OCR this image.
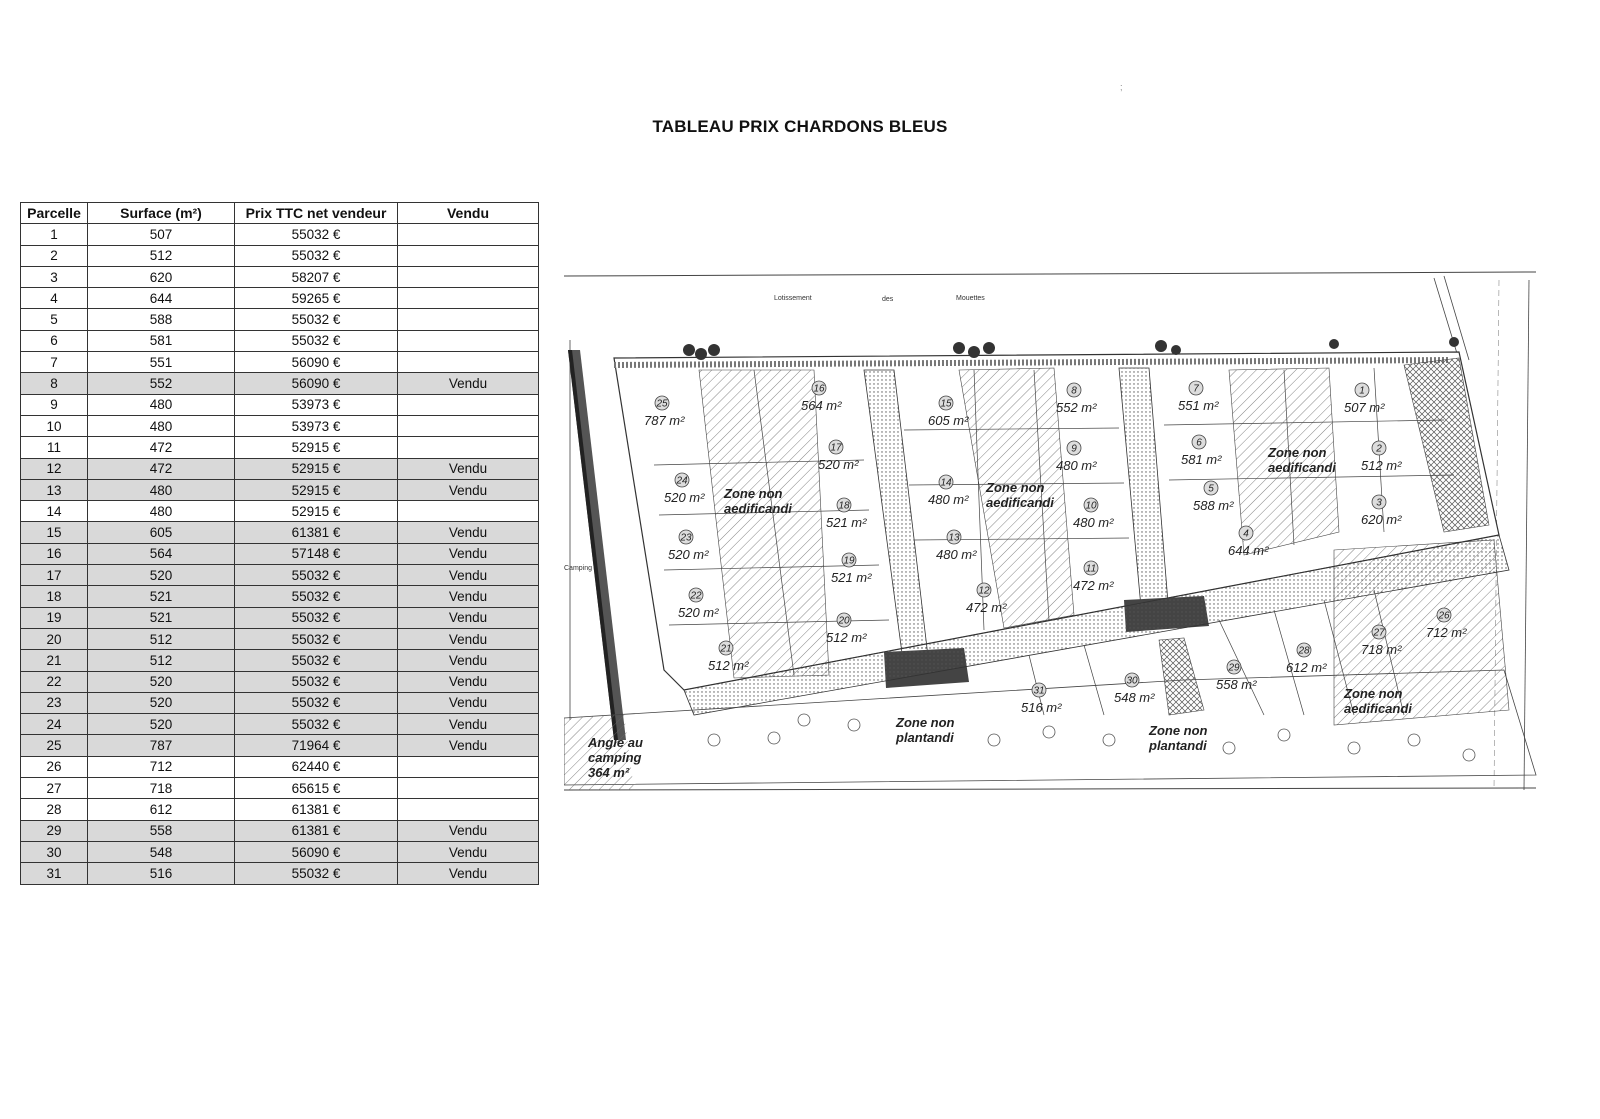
TABLEAU PRIX CHARDONS BLEUS
;
Parcelle	Surface (m²)	Prix TTC net vendeur	Vendu
1	507	55032 €	
2	512	55032 €	
3	620	58207 €	
4	644	59265 €	
5	588	55032 €	
6	581	55032 €	
7	551	56090 €	
8	552	56090 €	Vendu
9	480	53973 €	
10	480	53973 €	
11	472	52915 €	
12	472	52915 €	Vendu
13	480	52915 €	Vendu
14	480	52915 €	
15	605	61381 €	Vendu
16	564	57148 €	Vendu
17	520	55032 €	Vendu
18	521	55032 €	Vendu
19	521	55032 €	Vendu
20	512	55032 €	Vendu
21	512	55032 €	Vendu
22	520	55032 €	Vendu
23	520	55032 €	Vendu
24	520	55032 €	Vendu
25	787	71964 €	Vendu
26	712	62440 €	
27	718	65615 €	
28	612	61381 €	
29	558	61381 €	Vendu
30	548	56090 €	Vendu
31	516	55032 €	Vendu
Lotissement	des	Mouettes
Camping
Zone non
aedificandi
Zone non
aedificandi
Zone non
aedificandi
Zone non
aedificandi
Zone non
plantandi	Zone non
plantandi
Angle au
camping
364 m²
1
507 m²
2
512 m²
3
620 m²
4
644 m²
5
588 m²
6
581 m²
7
551 m²
8
552 m²
9
480 m²
10
480 m²
11
472 m²
12
472 m²
13
480 m²
14
480 m²
15
605 m²
16
564 m²
17
520 m²
18
521 m²
19
521 m²
20
512 m²
21
512 m²
22
520 m²
23
520 m²
24
520 m²
25
787 m²
26
712 m²
27
718 m²
28
612 m²
29
558 m²
30
548 m²
31
516 m²
